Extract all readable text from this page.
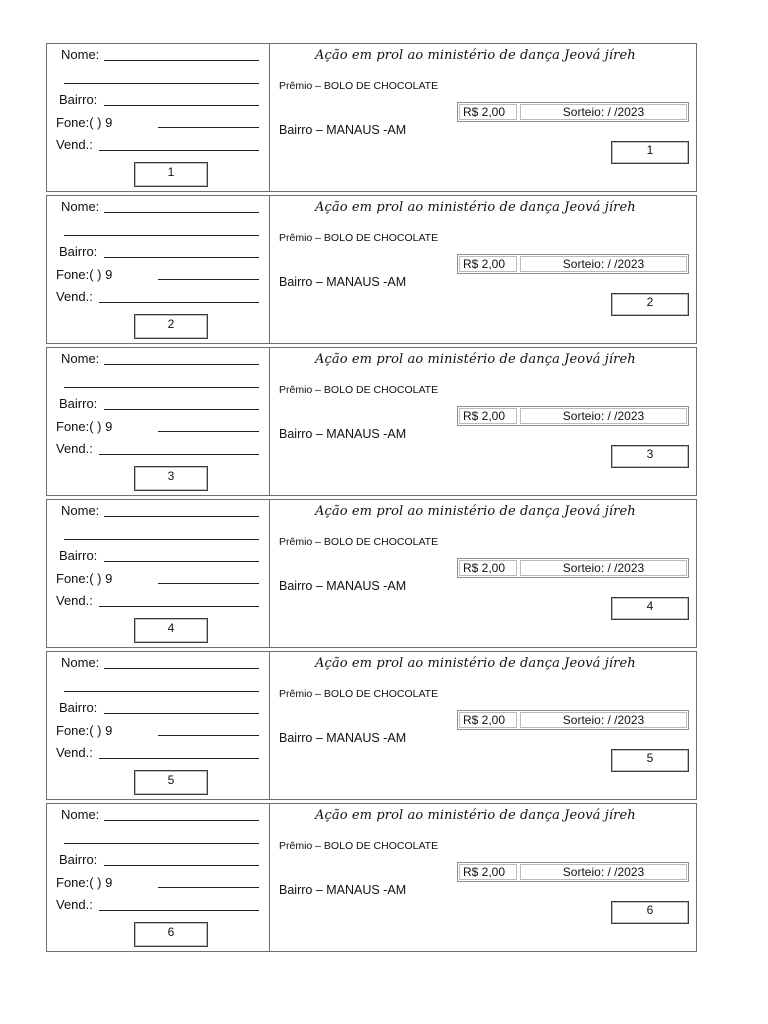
Nome:
Bairro:
Fone:( ) 9
Vend.:
1
Ação em prol ao ministério de dança Jeová jíreh
Prêmio – BOLO DE CHOCOLATE
R$ 2,00	Sorteio: / /2023
Bairro – MANAUS -AM
1
Nome:
Bairro:
Fone:( ) 9
Vend.:
2
Ação em prol ao ministério de dança Jeová jíreh
Prêmio – BOLO DE CHOCOLATE
R$ 2,00	Sorteio: / /2023
Bairro – MANAUS -AM
2
Nome:
Bairro:
Fone:( ) 9
Vend.:
3
Ação em prol ao ministério de dança Jeová jíreh
Prêmio – BOLO DE CHOCOLATE
R$ 2,00	Sorteio: / /2023
Bairro – MANAUS -AM
3
Nome:
Bairro:
Fone:( ) 9
Vend.:
4
Ação em prol ao ministério de dança Jeová jíreh
Prêmio – BOLO DE CHOCOLATE
R$ 2,00	Sorteio: / /2023
Bairro – MANAUS -AM
4
Nome:
Bairro:
Fone:( ) 9
Vend.:
5
Ação em prol ao ministério de dança Jeová jíreh
Prêmio – BOLO DE CHOCOLATE
R$ 2,00	Sorteio: / /2023
Bairro – MANAUS -AM
5
Nome:
Bairro:
Fone:( ) 9
Vend.:
6
Ação em prol ao ministério de dança Jeová jíreh
Prêmio – BOLO DE CHOCOLATE
R$ 2,00	Sorteio: / /2023
Bairro – MANAUS -AM
6
